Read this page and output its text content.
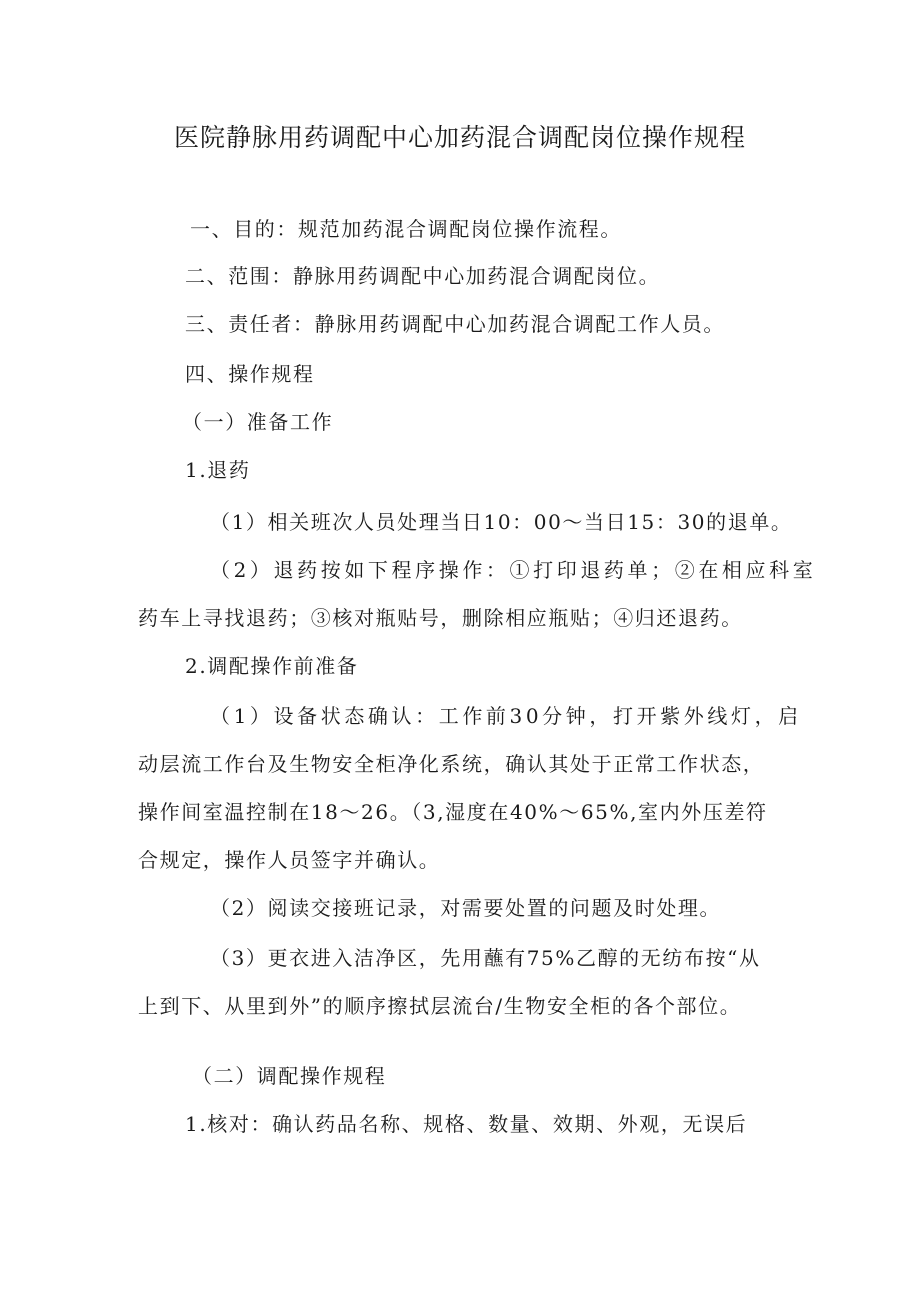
医院静脉用药调配中心加药混合调配岗位操作规程
一、目的：规范加药混合调配岗位操作流程。
二、范围：静脉用药调配中心加药混合调配岗位。
三、责任者：静脉用药调配中心加药混合调配工作人员。
四、操作规程
（一）准备工作
1.退药
（1）相关班次人员处理当日10：00～当日15：30的退单。
（2）退药按如下程序操作：①打印退药单；②在相应科室
药车上寻找退药；③核对瓶贴号，删除相应瓶贴；④归还退药。
2.调配操作前准备
（1）设备状态确认：工作前30分钟，打开紫外线灯，启
动层流工作台及生物安全柜净化系统，确认其处于正常工作状态，
操作间室温控制在18～26。（3,湿度在40%～65%,室内外压差符
合规定，操作人员签字并确认。
（2）阅读交接班记录，对需要处置的问题及时处理。
（3）更衣进入洁净区，先用蘸有75%乙醇的无纺布按“从
上到下、从里到外”的顺序擦拭层流台/生物安全柜的各个部位。
（二）调配操作规程
1.核对：确认药品名称、规格、数量、效期、外观，无误后
